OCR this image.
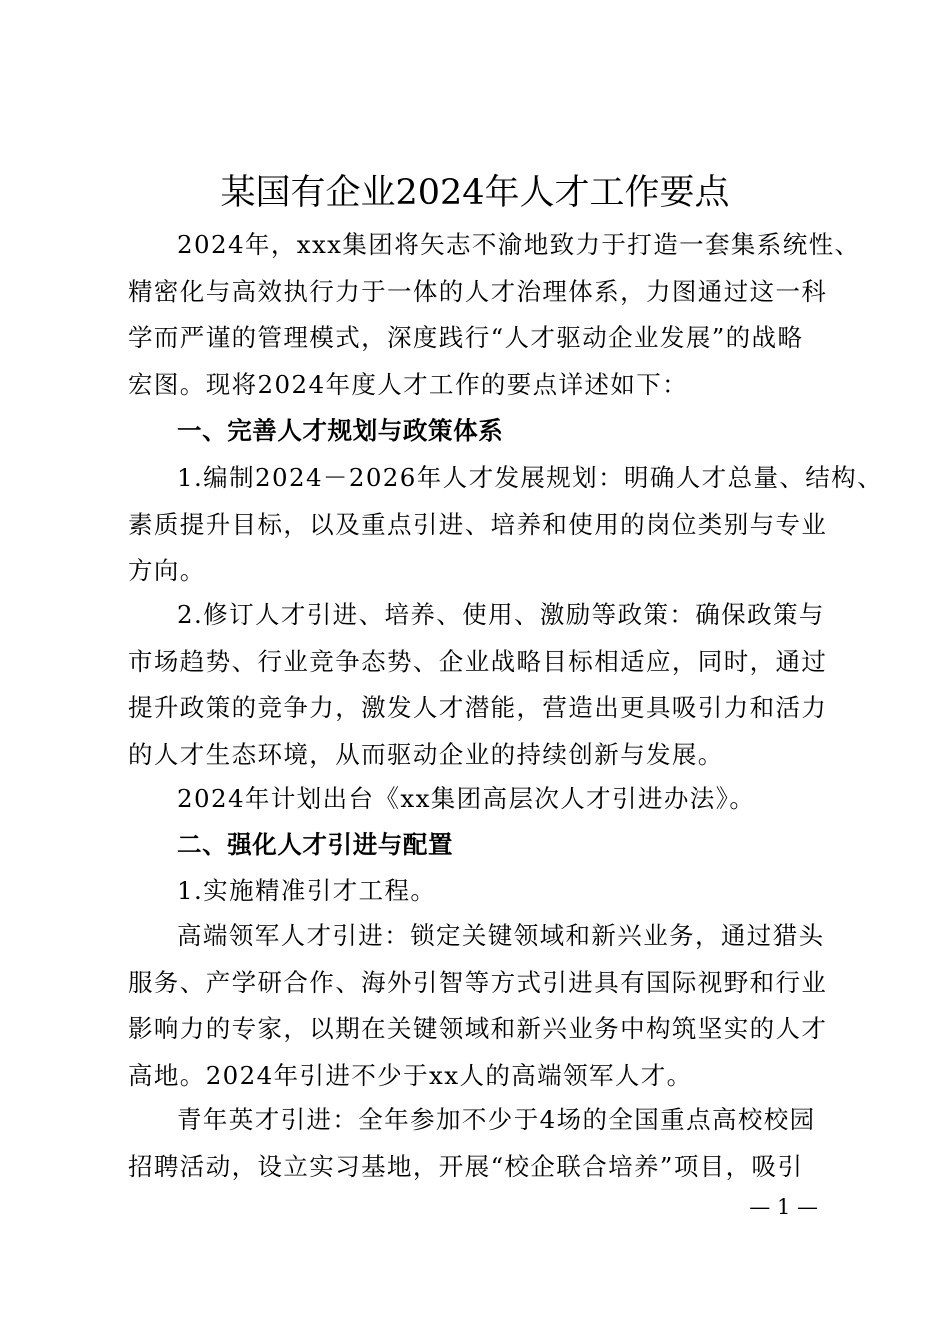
某国有企业2024年人才工作要点

2024年，xxx集团将矢志不渝地致力于打造一套集系统性、

精密化与高效执行力于一体的人才治理体系，力图通过这一科
学而严谨的管理模式，深度践行“人才驱动企业发展”的战略
宏图。现将2024年度人才工作的要点详述如下：

一、完善人才规划与政策体系

1.编制2024－2026年人才发展规划：明确人才总量、结构、

素质提升目标，以及重点引进、培养和使用的岗位类别与专业
方向。

2.修订人才引进、培养、使用、激励等政策：确保政策与

市场趋势、行业竞争态势、企业战略目标相适应，同时，通过
提升政策的竞争力，激发人才潜能，营造出更具吸引力和活力
的人才生态环境，从而驱动企业的持续创新与发展。

2024年计划出台《xx集团高层次人才引进办法》。

二、强化人才引进与配置

1.实施精准引才工程。

高端领军人才引进：锁定关键领域和新兴业务，通过猎头

服务、产学研合作、海外引智等方式引进具有国际视野和行业
影响力的专家，以期在关键领域和新兴业务中构筑坚实的人才
高地。2024年引进不少于xx人的高端领军人才。

青年英才引进：全年参加不少于4场的全国重点高校校园

招聘活动，设立实习基地，开展“校企联合培养”项目，吸引
— 1 —
